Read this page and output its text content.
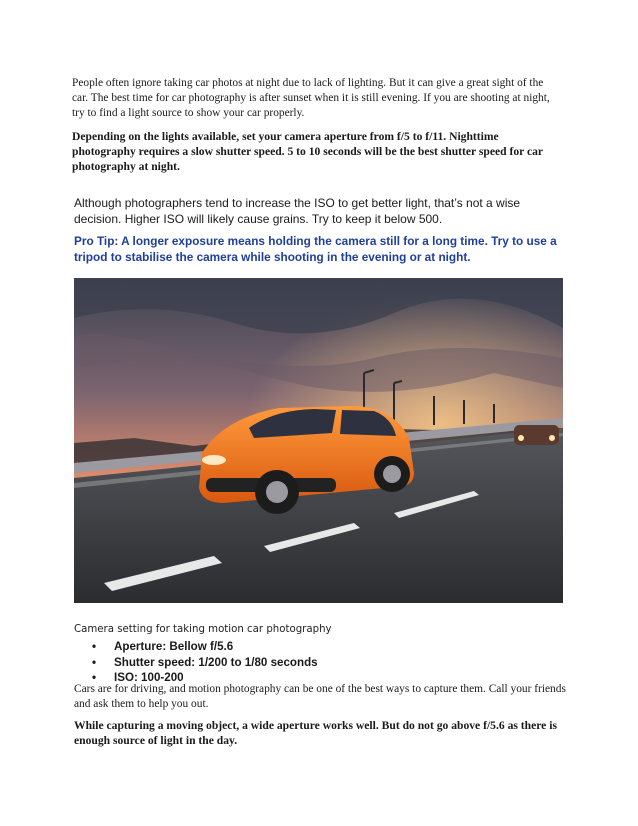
People often ignore taking car photos at night due to lack of lighting. But it can give a great sight of the car. The best time for car photography is after sunset when it is still evening. If you are shooting at night, try to find a light source to show your car properly.

Depending on the lights available, set your camera aperture from f/5 to f/11. Nighttime photography requires a slow shutter speed. 5 to 10 seconds will be the best shutter speed for car photography at night.

Although photographers tend to increase the ISO to get better light, that’s not a wise decision. Higher ISO will likely cause grains. Try to keep it below 500.

Pro Tip: A longer exposure means holding the camera still for a long time. Try to use a tripod to stabilise the camera while shooting in the evening or at night.

Camera setting for taking motion car photography
• Aperture: Bellow f/5.6
• Shutter speed: 1/200 to 1/80 seconds
• ISO: 100-200

Cars are for driving, and motion photography can be one of the best ways to capture them. Call your friends and ask them to help you out.

While capturing a moving object, a wide aperture works well. But do not go above f/5.6 as there is enough source of light in the day.
